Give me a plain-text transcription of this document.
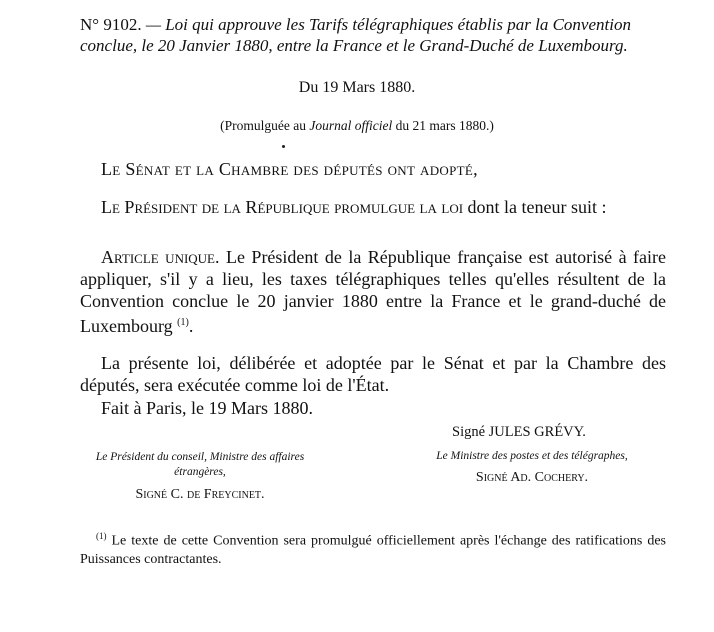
N° 9102. — Loi qui approuve les Tarifs télégraphiques établis par la Convention conclue, le 20 Janvier 1880, entre la France et le Grand-Duché de Luxembourg.
Du 19 Mars 1880.
(Promulguée au Journal officiel du 21 mars 1880.)
Le Sénat et la Chambre des députés ont adopté,
Le Président de la République promulgue la loi dont la teneur suit :
Article unique. Le Président de la République française est autorisé à faire appliquer, s'il y a lieu, les taxes télégraphiques telles qu'elles résultent de la Convention conclue le 20 janvier 1880 entre la France et le grand-duché de Luxembourg $^{(1)}$.
La présente loi, délibérée et adoptée par le Sénat et par la Chambre des députés, sera exécutée comme loi de l'État.
Fait à Paris, le 19 Mars 1880.
Signé JULES GRÉVY.
Le Président du conseil, Ministre des affaires étrangères,
Signé C. de Freycinet.
Le Ministre des postes et des télégraphes,
Signé Ad. Cochery.
$^{(1)}$ Le texte de cette Convention sera promulgué officiellement après l'échange des ratifications des Puissances contractantes.
